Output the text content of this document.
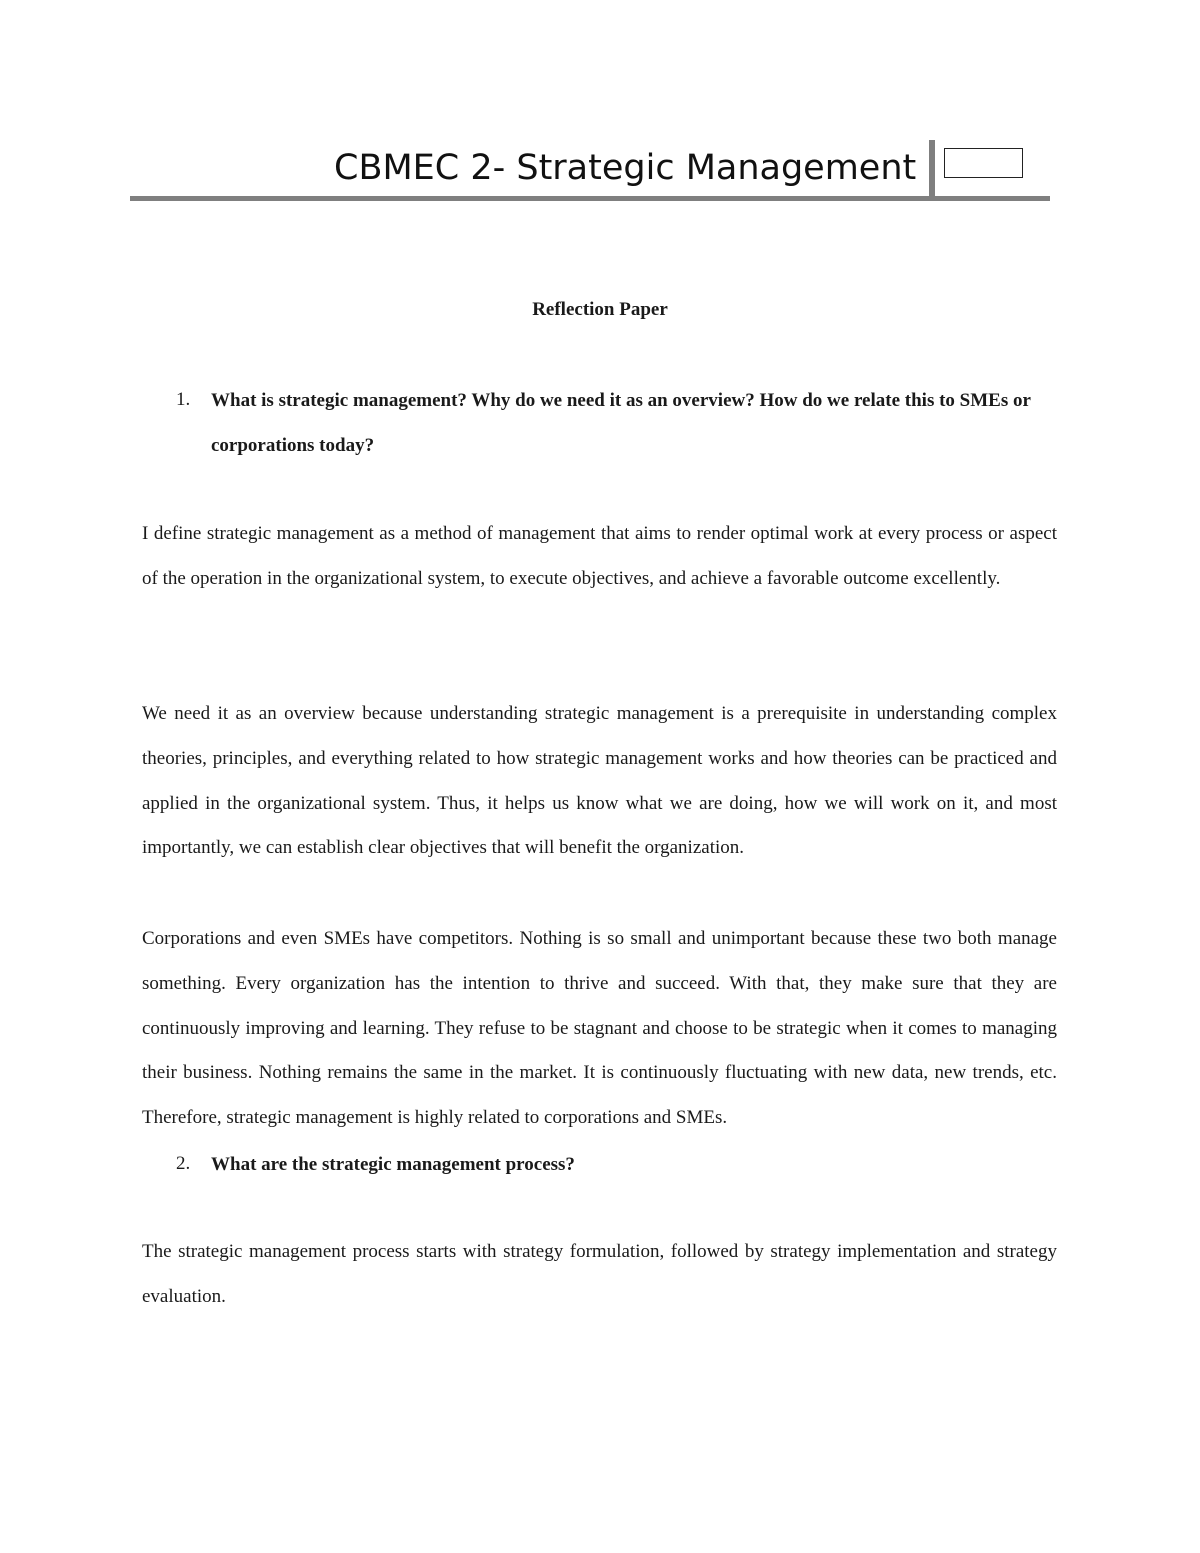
CBMEC 2- Strategic Management
Reflection Paper
1. What is strategic management? Why do we need it as an overview? How do we relate this to SMEs or corporations today?
I define strategic management as a method of management that aims to render optimal work at every process or aspect of the operation in the organizational system, to execute objectives, and achieve a favorable outcome excellently.
We need it as an overview because understanding strategic management is a prerequisite in understanding complex theories, principles, and everything related to how strategic management works and how theories can be practiced and applied in the organizational system. Thus, it helps us know what we are doing, how we will work on it, and most importantly, we can establish clear objectives that will benefit the organization.
Corporations and even SMEs have competitors. Nothing is so small and unimportant because these two both manage something. Every organization has the intention to thrive and succeed. With that, they make sure that they are continuously improving and learning. They refuse to be stagnant and choose to be strategic when it comes to managing their business. Nothing remains the same in the market. It is continuously fluctuating with new data, new trends, etc. Therefore, strategic management is highly related to corporations and SMEs.
2. What are the strategic management process?
The strategic management process starts with strategy formulation, followed by strategy implementation and strategy evaluation.
